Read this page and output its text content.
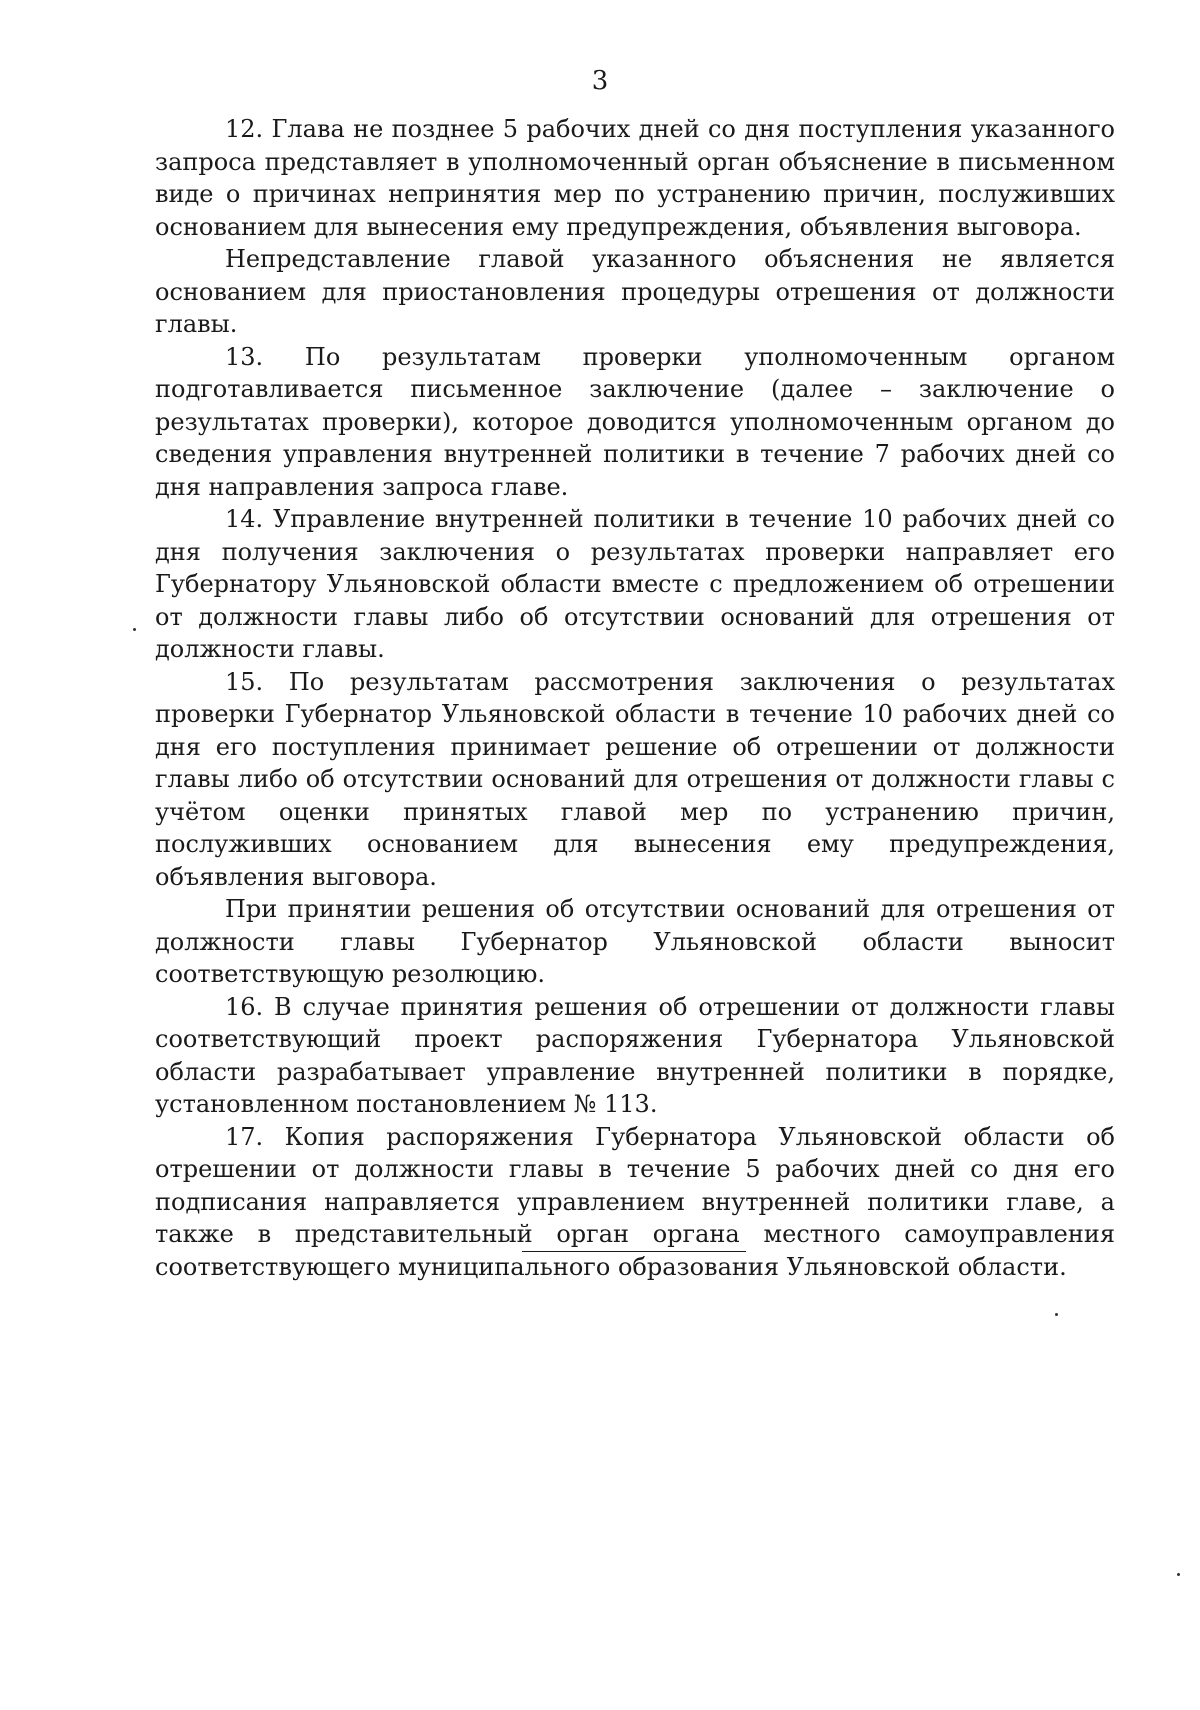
3

12. Глава не позднее 5 рабочих дней со дня поступления указанного запроса представляет в уполномоченный орган объяснение в письменном виде о причинах непринятия мер по устранению причин, послуживших основанием для вынесения ему предупреждения, объявления выговора.

Непредставление главой указанного объяснения не является основанием для приостановления процедуры отрешения от должности главы.

13. По результатам проверки уполномоченным органом подготавливается письменное заключение (далее – заключение о результатах проверки), которое доводится уполномоченным органом до сведения управления внутренней политики в течение 7 рабочих дней со дня направления запроса главе.

14. Управление внутренней политики в течение 10 рабочих дней со дня получения заключения о результатах проверки направляет его Губернатору Ульяновской области вместе с предложением об отрешении от должности главы либо об отсутствии оснований для отрешения от должности главы.

15. По результатам рассмотрения заключения о результатах проверки Губернатор Ульяновской области в течение 10 рабочих дней со дня его поступления принимает решение об отрешении от должности главы либо об отсутствии оснований для отрешения от должности главы с учётом оценки принятых главой мер по устранению причин, послуживших основанием для вынесения ему предупреждения, объявления выговора.

При принятии решения об отсутствии оснований для отрешения от должности главы Губернатор Ульяновской области выносит соответствующую резолюцию.

16. В случае принятия решения об отрешении от должности главы соответствующий проект распоряжения Губернатора Ульяновской области разрабатывает управление внутренней политики в порядке, установленном постановлением № 113.

17. Копия распоряжения Губернатора Ульяновской области об отрешении от должности главы в течение 5 рабочих дней со дня его подписания направляется управлением внутренней политики главе, а также в представительный орган органа местного самоуправления соответствующего муниципального образования Ульяновской области.
